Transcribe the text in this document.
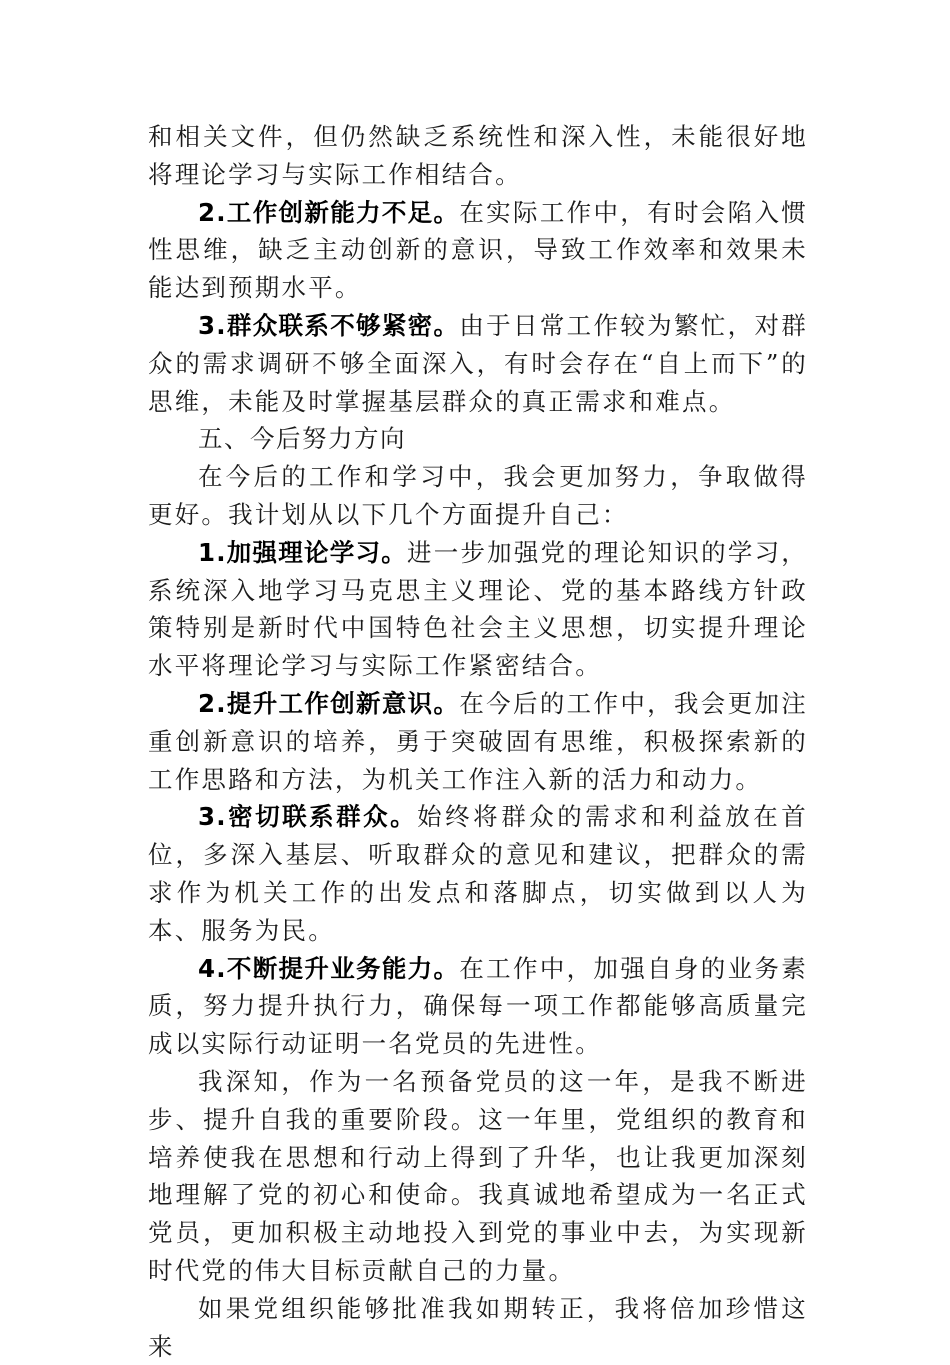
和相关文件，但仍然缺乏系统性和深入性，未能很好地将理论学习与实际工作相结合。

2.工作创新能力不足。在实际工作中，有时会陷入惯性思维，缺乏主动创新的意识，导致工作效率和效果未能达到预期水平。

3.群众联系不够紧密。由于日常工作较为繁忙，对群众的需求调研不够全面深入，有时会存在“自上而下”的思维，未能及时掌握基层群众的真正需求和难点。

五、今后努力方向

在今后的工作和学习中，我会更加努力，争取做得更好。我计划从以下几个方面提升自己：

1.加强理论学习。进一步加强党的理论知识的学习，系统深入地学习马克思主义理论、党的基本路线方针政策特别是新时代中国特色社会主义思想，切实提升理论水平将理论学习与实际工作紧密结合。

2.提升工作创新意识。在今后的工作中，我会更加注重创新意识的培养，勇于突破固有思维，积极探索新的工作思路和方法，为机关工作注入新的活力和动力。

3.密切联系群众。始终将群众的需求和利益放在首位，多深入基层、听取群众的意见和建议，把群众的需求作为机关工作的出发点和落脚点，切实做到以人为本、服务为民。

4.不断提升业务能力。在工作中，加强自身的业务素质，努力提升执行力，确保每一项工作都能够高质量完成以实际行动证明一名党员的先进性。

我深知，作为一名预备党员的这一年，是我不断进步、提升自我的重要阶段。这一年里，党组织的教育和培养使我在思想和行动上得到了升华，也让我更加深刻地理解了党的初心和使命。我真诚地希望成为一名正式党员，更加积极主动地投入到党的事业中去，为实现新时代党的伟大目标贡献自己的力量。

如果党组织能够批准我如期转正，我将倍加珍惜这来
